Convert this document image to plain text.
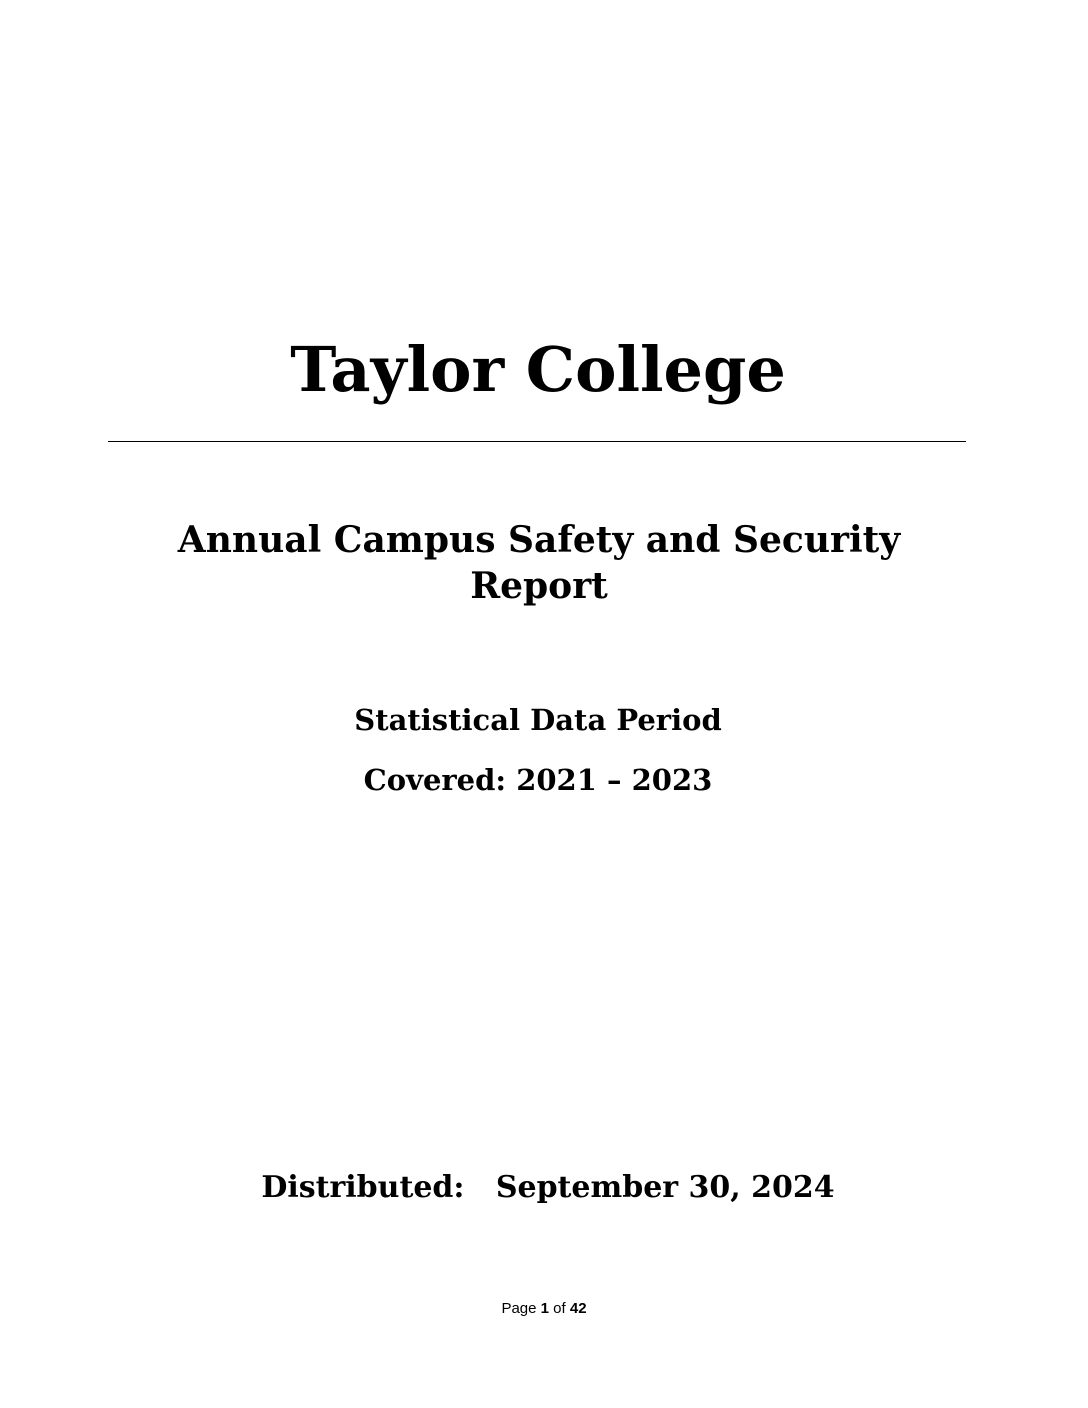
Taylor College
Annual Campus Safety and Security Report
Statistical Data Period
Covered: 2021 – 2023
Distributed: September 30, 2024
Page 1 of 42
